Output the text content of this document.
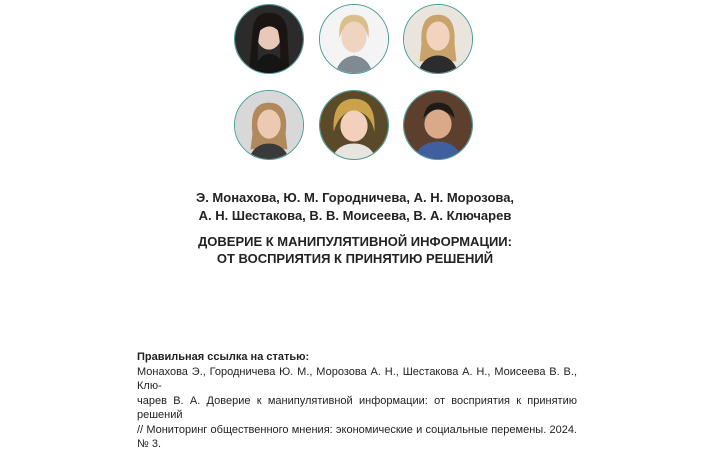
Э. Монахова, Ю. М. Городничева, А. Н. Морозова,
А. Н. Шестакова, В. В. Моисеева, В. А. Ключарев
ДОВЕРИЕ К МАНИПУЛЯТИВНОЙ ИНФОРМАЦИИ:
ОТ ВОСПРИЯТИЯ К ПРИНЯТИЮ РЕШЕНИЙ
Правильная ссылка на статью:
Монахова Э., Городничева Ю. М., Морозова А. Н., Шестакова А. Н., Моисеева В. В., Клю-
чарев В. А. Доверие к манипулятивной информации: от восприятия к принятию решений
// Мониторинг общественного мнения: экономические и социальные перемены. 2024. № 3.
